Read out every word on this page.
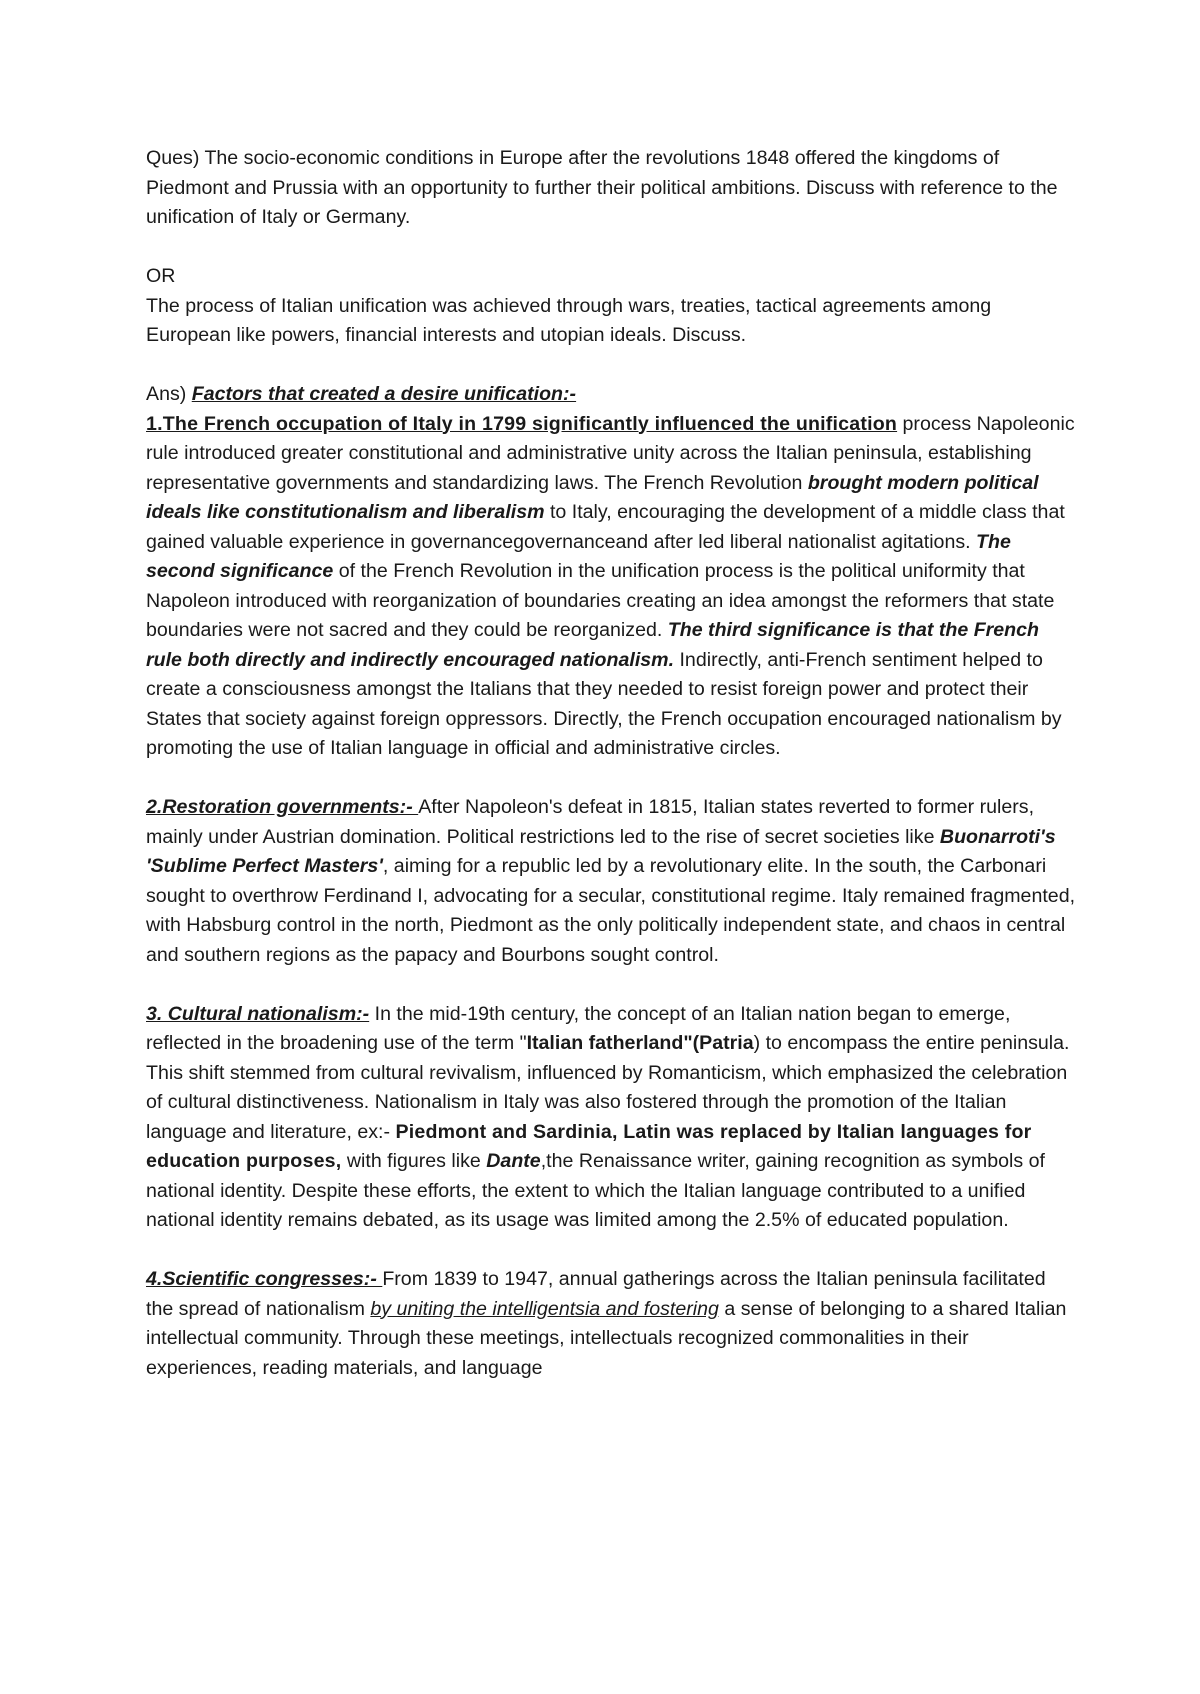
Ques) The socio-economic conditions in Europe after the revolutions 1848 offered the kingdoms of Piedmont and Prussia with an opportunity to further their political ambitions. Discuss with reference to the unification of Italy or Germany.

OR

The process of Italian unification was achieved through wars, treaties, tactical agreements among European like powers, financial interests and utopian ideals. Discuss.

Ans) Factors that created a desire unification:-

1.The French occupation of Italy in 1799 significantly influenced the unification process Napoleonic rule introduced greater constitutional and administrative unity across the Italian peninsula, establishing representative governments and standardizing laws. The French Revolution brought modern political ideals like constitutionalism and liberalism to Italy, encouraging the development of a middle class that gained valuable experience in governancegovernanceand after led liberal nationalist agitations. The second significance of the French Revolution in the unification process is the political uniformity that Napoleon introduced with reorganization of boundaries creating an idea amongst the reformers that state boundaries were not sacred and they could be reorganized. The third significance is that the French rule both directly and indirectly encouraged nationalism. Indirectly, anti-French sentiment helped to create a consciousness amongst the Italians that they needed to resist foreign power and protect their States that society against foreign oppressors. Directly, the French occupation encouraged nationalism by promoting the use of Italian language in official and administrative circles.

2.Restoration governments:- After Napoleon's defeat in 1815, Italian states reverted to former rulers, mainly under Austrian domination. Political restrictions led to the rise of secret societies like Buonarroti's 'Sublime Perfect Masters', aiming for a republic led by a revolutionary elite. In the south, the Carbonari sought to overthrow Ferdinand I, advocating for a secular, constitutional regime. Italy remained fragmented, with Habsburg control in the north, Piedmont as the only politically independent state, and chaos in central and southern regions as the papacy and Bourbons sought control.

3. Cultural nationalism:- In the mid-19th century, the concept of an Italian nation began to emerge, reflected in the broadening use of the term "Italian fatherland"(Patria) to encompass the entire peninsula. This shift stemmed from cultural revivalism, influenced by Romanticism, which emphasized the celebration of cultural distinctiveness. Nationalism in Italy was also fostered through the promotion of the Italian language and literature, ex:- Piedmont and Sardinia, Latin was replaced by Italian languages for education purposes, with figures like Dante,the Renaissance writer, gaining recognition as symbols of national identity. Despite these efforts, the extent to which the Italian language contributed to a unified national identity remains debated, as its usage was limited among the 2.5% of educated population.

4.Scientific congresses:- From 1839 to 1947, annual gatherings across the Italian peninsula facilitated the spread of nationalism by uniting the intelligentsia and fostering a sense of belonging to a shared Italian intellectual community. Through these meetings, intellectuals recognized commonalities in their experiences, reading materials, and language
